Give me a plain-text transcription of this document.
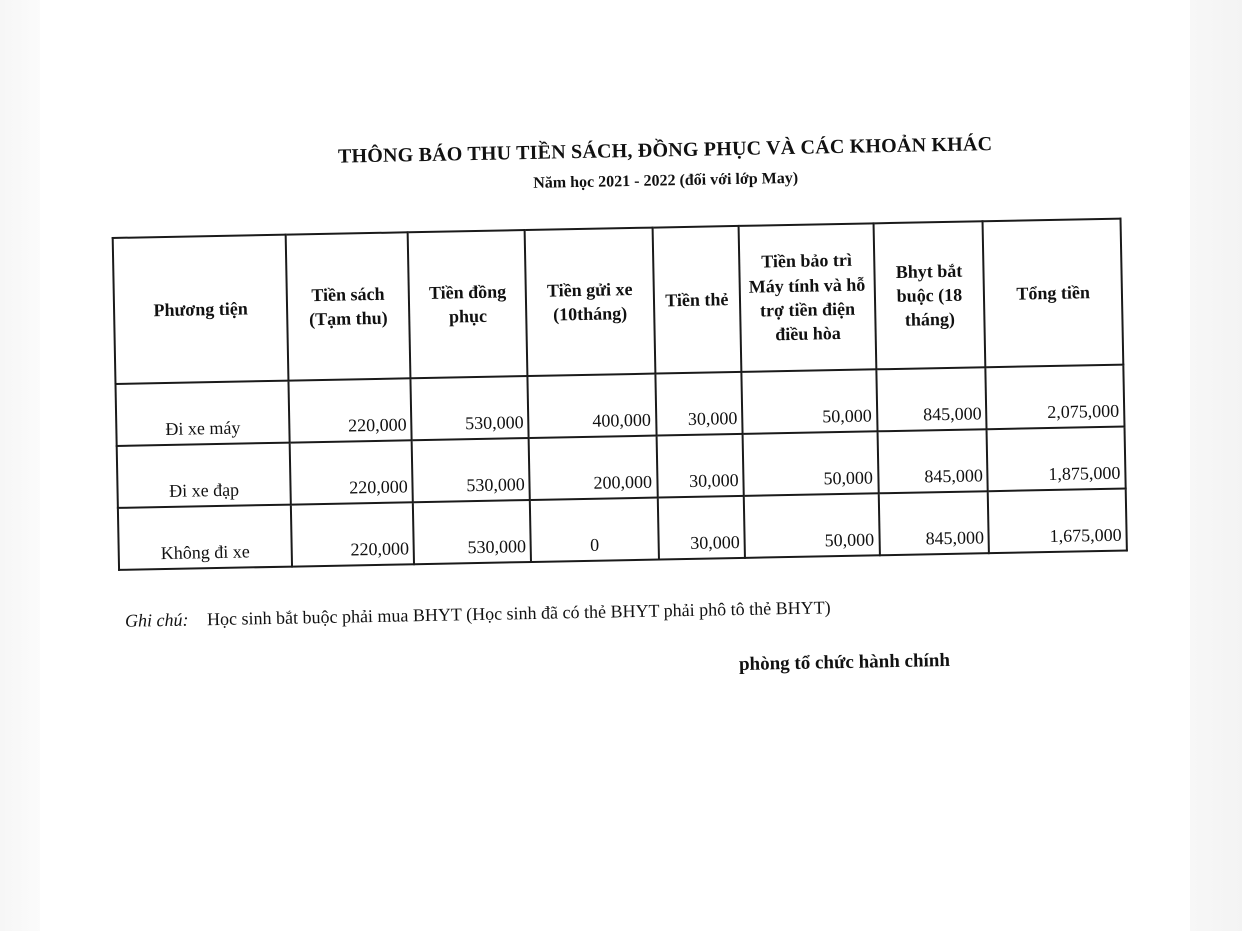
THÔNG BÁO THU TIỀN SÁCH, ĐỒNG PHỤC VÀ CÁC KHOẢN KHÁC
Năm học 2021 - 2022 (đối với lớp May)
Phương tiện	Tiền sách (Tạm thu)	Tiền đồng phục	Tiền gửi xe (10tháng)	Tiền thẻ	Tiền bảo trì Máy tính và hỗ trợ tiền điện điều hòa	Bhyt bắt buộc (18 tháng)	Tổng tiền
Đi xe máy	220,000	530,000	400,000	30,000	50,000	845,000	2,075,000
Đi xe đạp	220,000	530,000	200,000	30,000	50,000	845,000	1,875,000
Không đi xe	220,000	530,000	0	30,000	50,000	845,000	1,675,000
Ghi chú: Học sinh bắt buộc phải mua BHYT (Học sinh đã có thẻ BHYT phải phô tô thẻ BHYT)
phòng tổ chức hành chính
